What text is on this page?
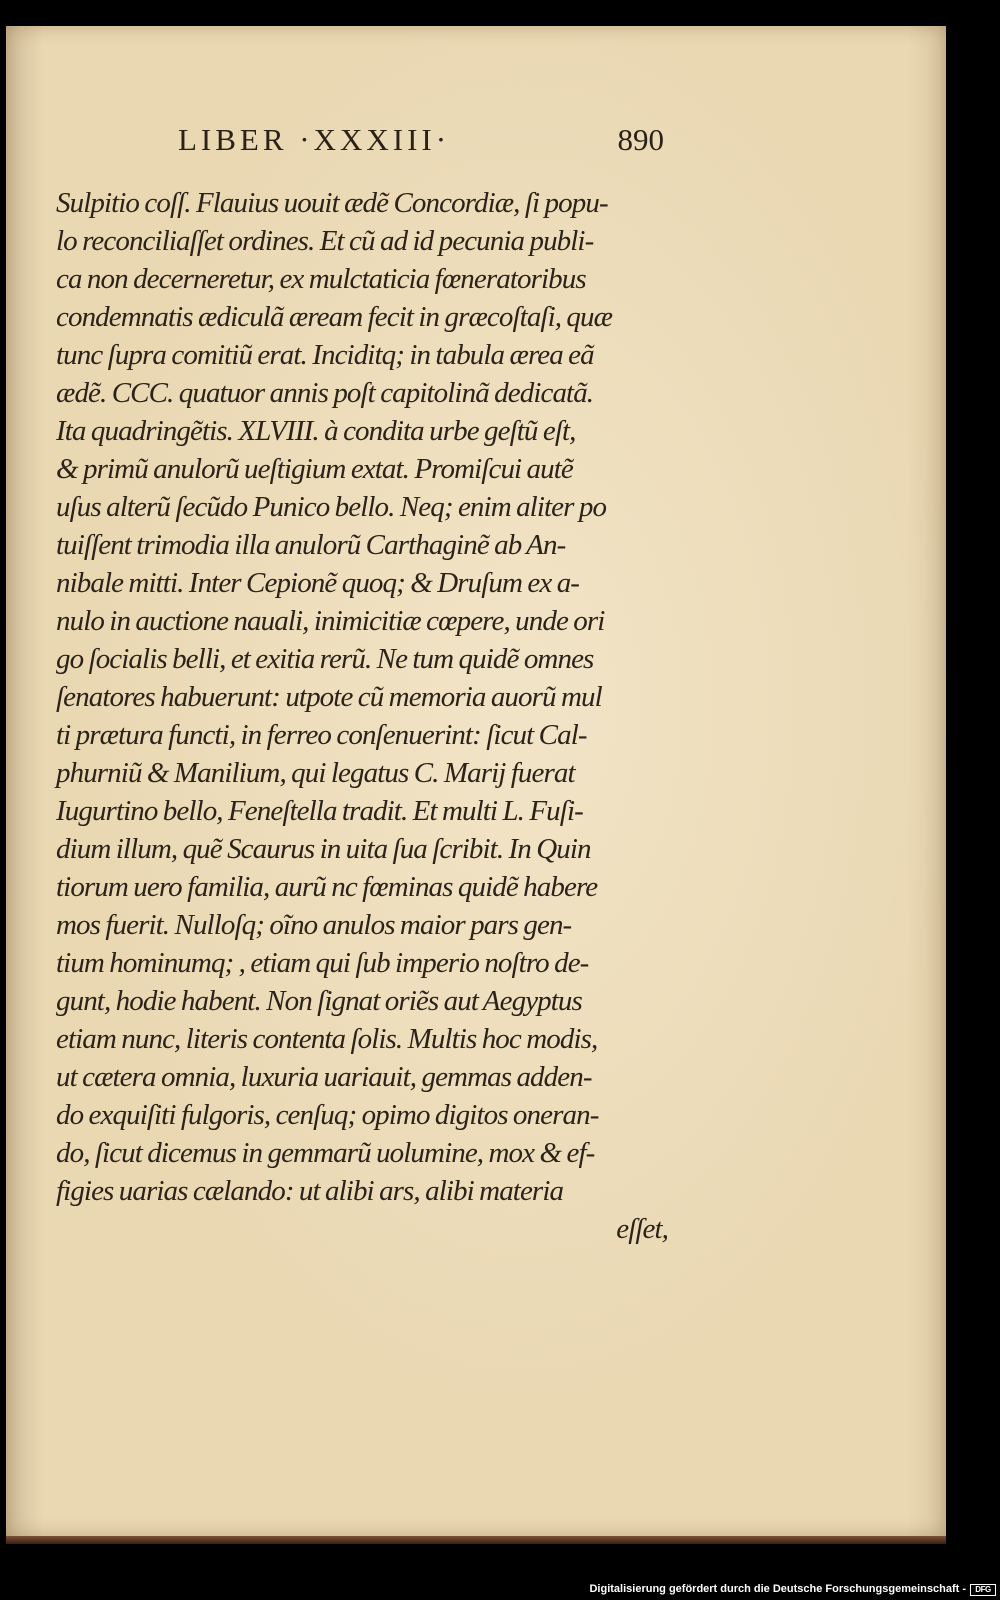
LIBER ·XXXIII·	890
Sulpitio coſſ. Flauius uouit ædẽ Concordiæ, ſi popu-
lo reconciliaſſet ordines. Et cũ ad id pecunia publi-
ca non decerneretur, ex mulctaticia fœneratoribus
condemnatis ædiculã æream fecit in græcoſtaſi, quæ
tunc ſupra comitiũ erat. Inciditq; in tabula ærea eã
ædẽ. CCC. quatuor annis poſt capitolinã dedicatã.
Ita quadringẽtis. XLVIII. à condita urbe geſtũ eſt,
& primũ anulorũ ueſtigium extat. Promiſcui autẽ
uſus alterũ ſecũdo Punico bello. Neq; enim aliter po
tuiſſent trimodia illa anulorũ Carthaginẽ ab An-
nibale mitti. Inter Cepionẽ quoq; & Druſum ex a-
nulo in auctione nauali, inimicitiæ cœpere, unde ori
go ſocialis belli, et exitia rerũ. Ne tum quidẽ omnes
ſenatores habuerunt: utpote cũ memoria auorũ mul
ti prætura functi, in ferreo conſenuerint: ſicut Cal-
phurniũ & Manilium, qui legatus C. Marij fuerat
Iugurtino bello, Feneſtella tradit. Et multi L. Fuſi-
dium illum, quẽ Scaurus in uita ſua ſcribit. In Quin
tiorum uero familia, aurũ nc fœminas quidẽ habere
mos fuerit. Nulloſq; oĩno anulos maior pars gen-
tium hominumq; , etiam qui ſub imperio noſtro de-
gunt, hodie habent. Non ſignat oriẽs aut Aegyptus
etiam nunc, literis contenta ſolis. Multis hoc modis,
ut cætera omnia, luxuria uariauit, gemmas adden-
do exquiſiti fulgoris, cenſuq; opimo digitos oneran-
do, ſicut dicemus in gemmarũ uolumine, mox & ef-
figies uarias cælando: ut alibi ars, alibi materia
eſſet,
Digitalisierung gefördert durch die Deutsche Forschungsgemeinschaft -	DFG
